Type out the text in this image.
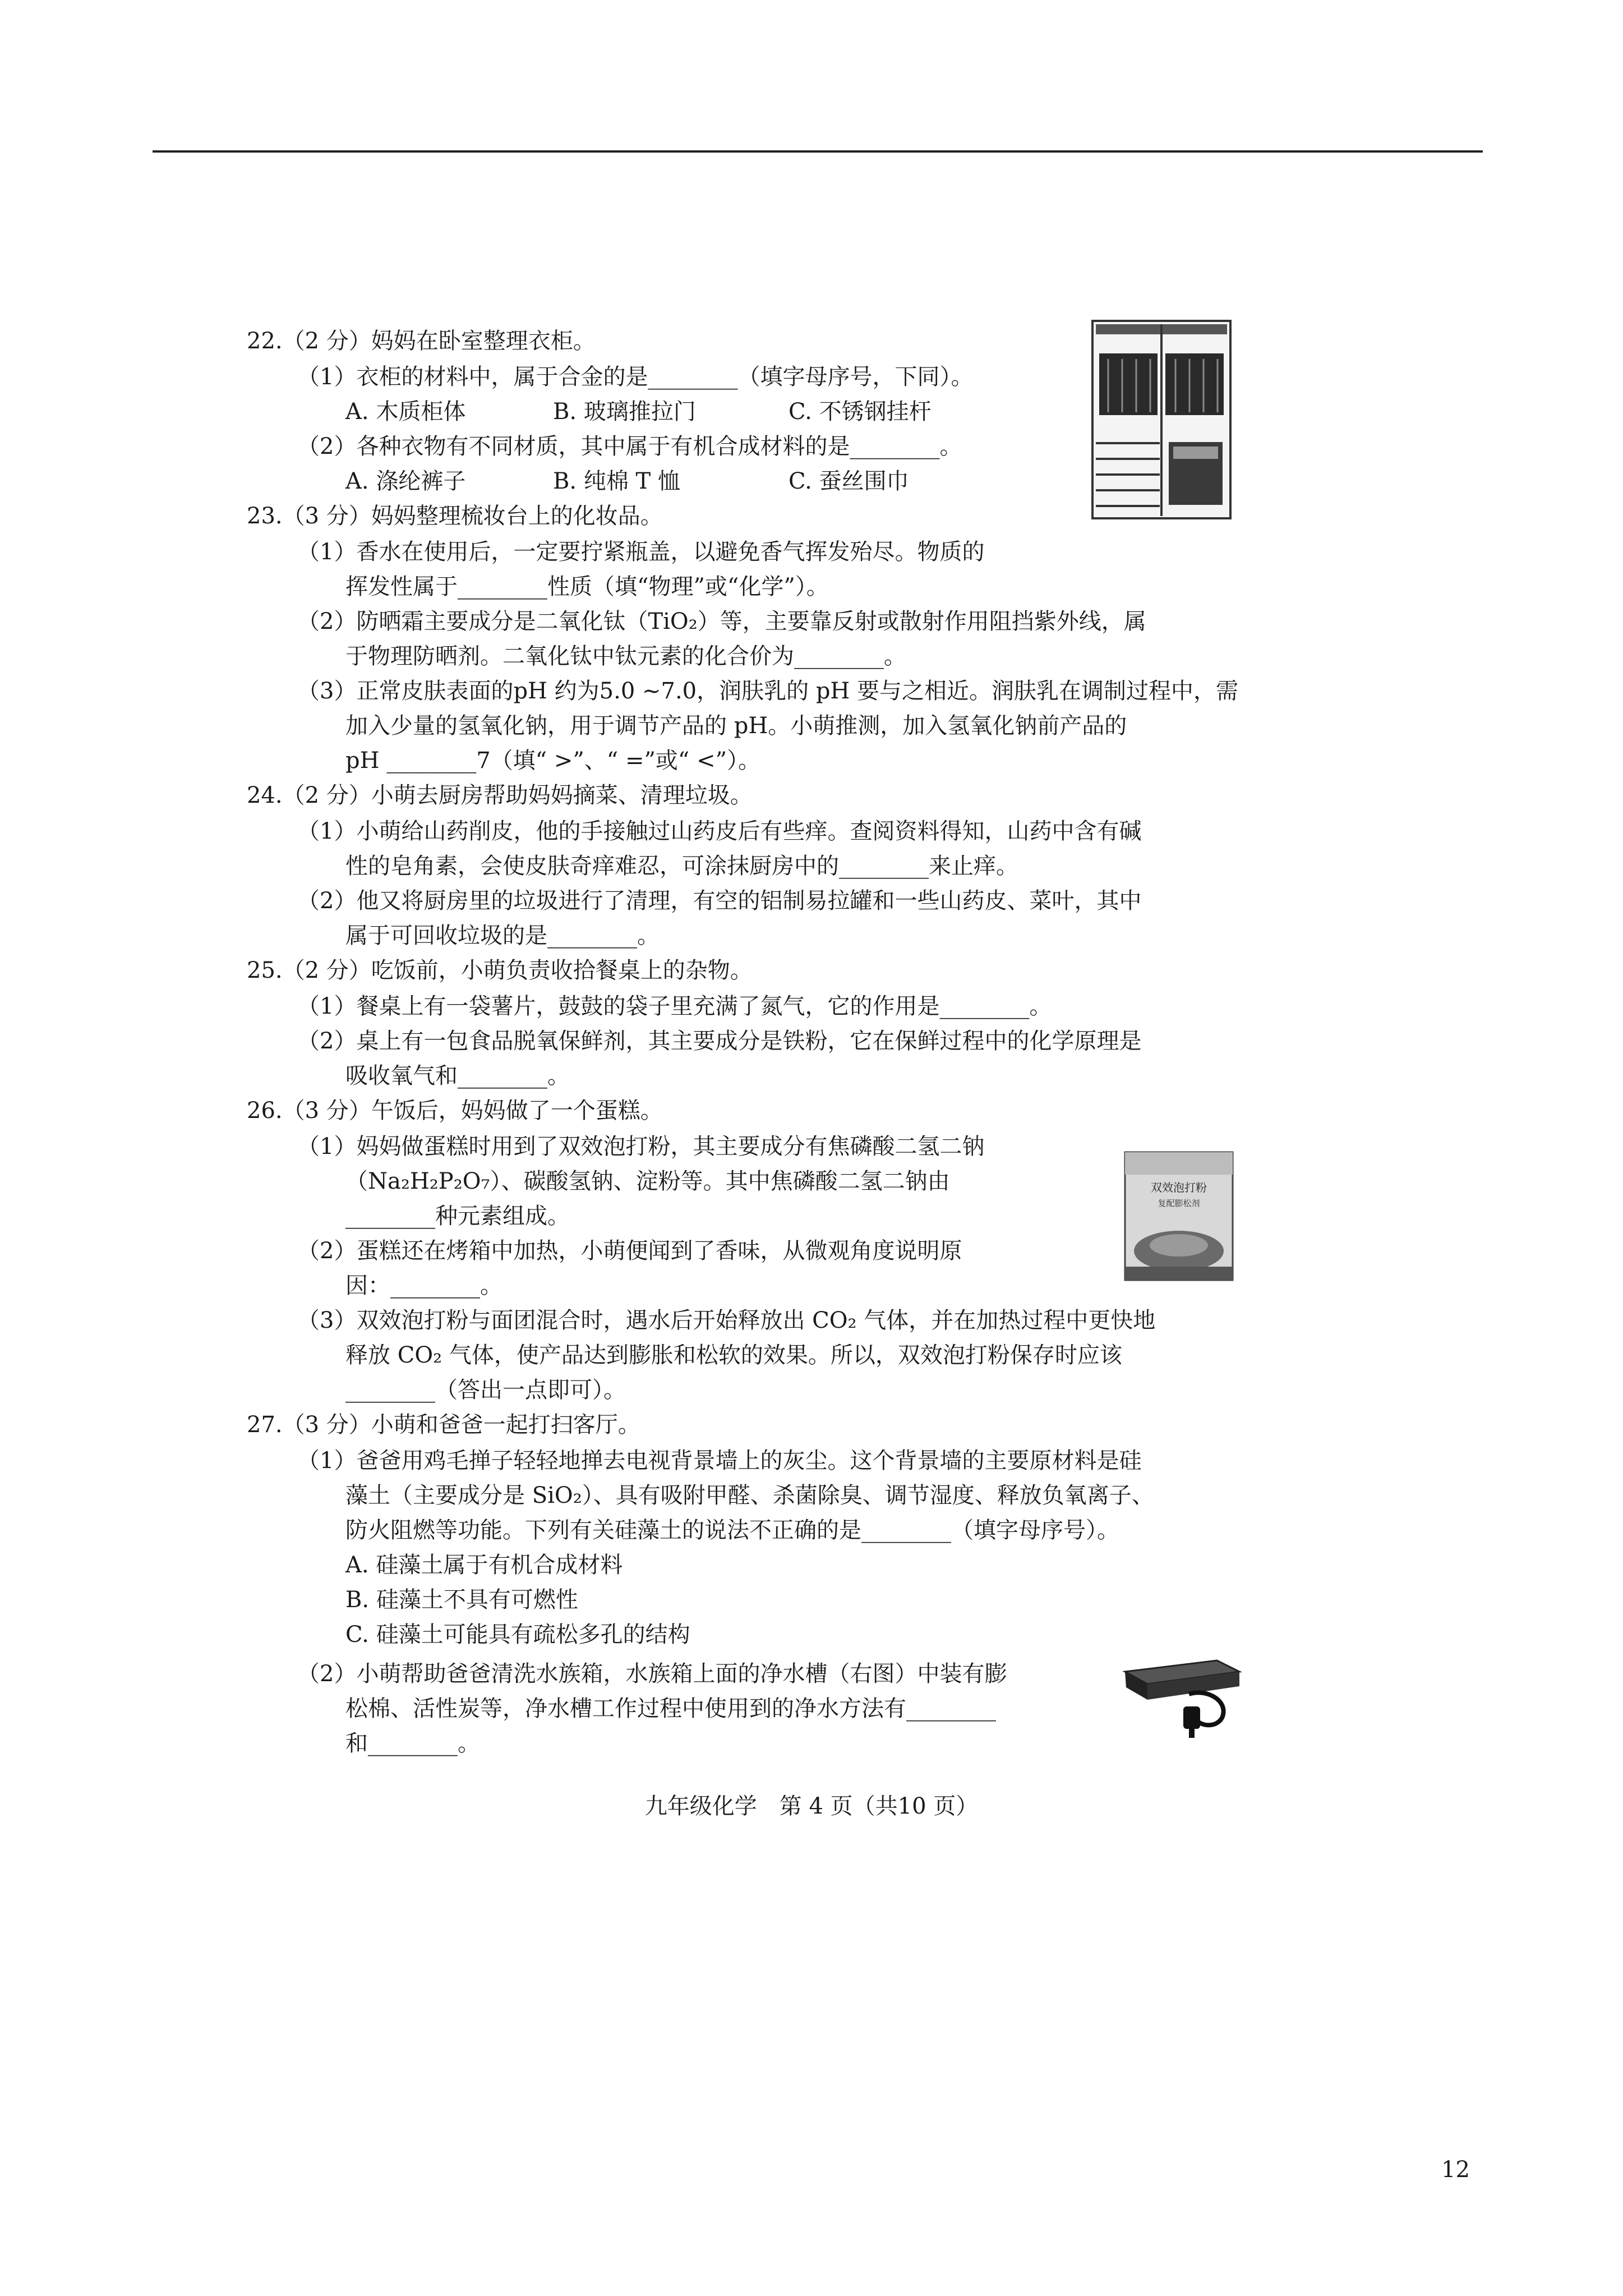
22.（2 分）妈妈在卧室整理衣柜。
（1）衣柜的材料中，属于合金的是________（填字母序号，下同）。
A. 木质柜体	B. 玻璃推拉门	C. 不锈钢挂杆
（2）各种衣物有不同材质，其中属于有机合成材料的是________。
A. 涤纶裤子	B. 纯棉 T 恤	C. 蚕丝围巾
23.（3 分）妈妈整理梳妆台上的化妆品。
（1）香水在使用后，一定要拧紧瓶盖，以避免香气挥发殆尽。物质的
挥发性属于________性质（填“物理”或“化学”）。
（2）防晒霜主要成分是二氧化钛（TiO₂）等，主要靠反射或散射作用阻挡紫外线，属
于物理防晒剂。二氧化钛中钛元素的化合价为________。
（3）正常皮肤表面的pH 约为5.0 ~7.0，润肤乳的 pH 要与之相近。润肤乳在调制过程中，需
加入少量的氢氧化钠，用于调节产品的 pH。小萌推测，加入氢氧化钠前产品的
pH ________7（填“ >”、“ =”或“ <”）。
24.（2 分）小萌去厨房帮助妈妈摘菜、清理垃圾。
（1）小萌给山药削皮，他的手接触过山药皮后有些痒。查阅资料得知，山药中含有碱
性的皂角素，会使皮肤奇痒难忍，可涂抹厨房中的________来止痒。
（2）他又将厨房里的垃圾进行了清理，有空的铝制易拉罐和一些山药皮、菜叶，其中
属于可回收垃圾的是________。
25.（2 分）吃饭前，小萌负责收拾餐桌上的杂物。
（1）餐桌上有一袋薯片，鼓鼓的袋子里充满了氮气，它的作用是________。
（2）桌上有一包食品脱氧保鲜剂，其主要成分是铁粉，它在保鲜过程中的化学原理是
吸收氧气和________。
26.（3 分）午饭后，妈妈做了一个蛋糕。
（1）妈妈做蛋糕时用到了双效泡打粉，其主要成分有焦磷酸二氢二钠
（Na₂H₂P₂O₇）、碳酸氢钠、淀粉等。其中焦磷酸二氢二钠由
________种元素组成。
（2）蛋糕还在烤箱中加热，小萌便闻到了香味，从微观角度说明原
因：________。
（3）双效泡打粉与面团混合时，遇水后开始释放出 CO₂ 气体，并在加热过程中更快地
释放 CO₂ 气体，使产品达到膨胀和松软的效果。所以，双效泡打粉保存时应该
________（答出一点即可）。
双效泡打粉
复配膨松剂
27.（3 分）小萌和爸爸一起打扫客厅。
（1）爸爸用鸡毛掸子轻轻地掸去电视背景墙上的灰尘。这个背景墙的主要原材料是硅
藻土（主要成分是 SiO₂）、具有吸附甲醛、杀菌除臭、调节湿度、释放负氧离子、
防火阻燃等功能。下列有关硅藻土的说法不正确的是________（填字母序号）。
A. 硅藻土属于有机合成材料
B. 硅藻土不具有可燃性
C. 硅藻土可能具有疏松多孔的结构
（2）小萌帮助爸爸清洗水族箱，水族箱上面的净水槽（右图）中装有膨
松棉、活性炭等，净水槽工作过程中使用到的净水方法有________
和________。
九年级化学　第 4 页（共10 页）
12
